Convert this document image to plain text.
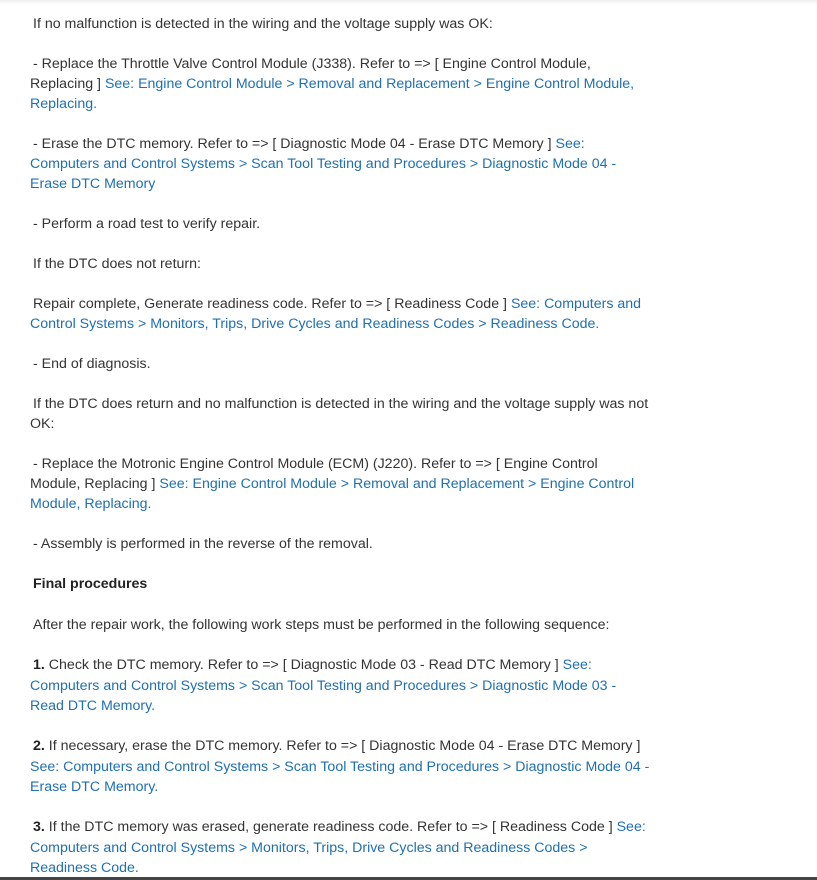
If no malfunction is detected in the wiring and the voltage supply was OK:

- Replace the Throttle Valve Control Module (J338). Refer to => [ Engine Control Module, Replacing ] See: Engine Control Module > Removal and Replacement > Engine Control Module, Replacing.

- Erase the DTC memory. Refer to => [ Diagnostic Mode 04 - Erase DTC Memory ] See: Computers and Control Systems > Scan Tool Testing and Procedures > Diagnostic Mode 04 - Erase DTC Memory

- Perform a road test to verify repair.

If the DTC does not return:

Repair complete, Generate readiness code. Refer to => [ Readiness Code ] See: Computers and Control Systems > Monitors, Trips, Drive Cycles and Readiness Codes > Readiness Code.

- End of diagnosis.

If the DTC does return and no malfunction is detected in the wiring and the voltage supply was not OK:

- Replace the Motronic Engine Control Module (ECM) (J220). Refer to => [ Engine Control Module, Replacing ] See: Engine Control Module > Removal and Replacement > Engine Control Module, Replacing.

- Assembly is performed in the reverse of the removal.

Final procedures

After the repair work, the following work steps must be performed in the following sequence:

1. Check the DTC memory. Refer to => [ Diagnostic Mode 03 - Read DTC Memory ] See: Computers and Control Systems > Scan Tool Testing and Procedures > Diagnostic Mode 03 - Read DTC Memory.

2. If necessary, erase the DTC memory. Refer to => [ Diagnostic Mode 04 - Erase DTC Memory ] See: Computers and Control Systems > Scan Tool Testing and Procedures > Diagnostic Mode 04 - Erase DTC Memory.

3. If the DTC memory was erased, generate readiness code. Refer to => [ Readiness Code ] See: Computers and Control Systems > Monitors, Trips, Drive Cycles and Readiness Codes > Readiness Code.
